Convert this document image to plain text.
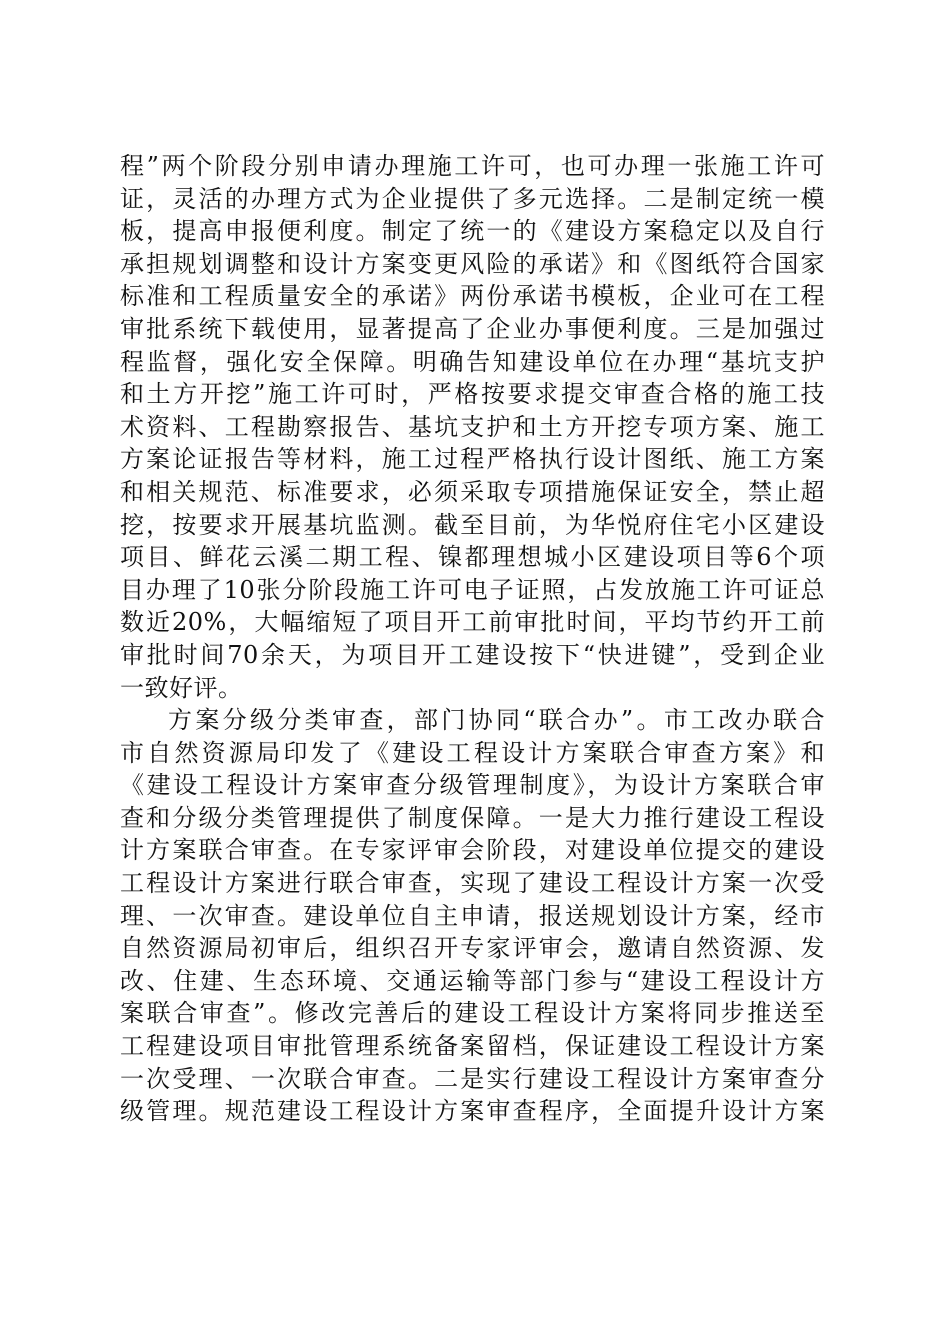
程”两个阶段分别申请办理施工许可，也可办理一张施工许可
证，灵活的办理方式为企业提供了多元选择。二是制定统一模
板，提高申报便利度。制定了统一的《建设方案稳定以及自行
承担规划调整和设计方案变更风险的承诺》和《图纸符合国家
标准和工程质量安全的承诺》两份承诺书模板，企业可在工程
审批系统下载使用，显著提高了企业办事便利度。三是加强过
程监督，强化安全保障。明确告知建设单位在办理“基坑支护
和土方开挖”施工许可时，严格按要求提交审查合格的施工技
术资料、工程勘察报告、基坑支护和土方开挖专项方案、施工
方案论证报告等材料，施工过程严格执行设计图纸、施工方案
和相关规范、标准要求，必须采取专项措施保证安全，禁止超
挖，按要求开展基坑监测。截至目前，为华悦府住宅小区建设
项目、鲜花云溪二期工程、镍都理想城小区建设项目等6个项
目办理了10张分阶段施工许可电子证照，占发放施工许可证总
数近20%，大幅缩短了项目开工前审批时间，平均节约开工前
审批时间70余天，为项目开工建设按下“快进键”，受到企业
一致好评。
方案分级分类审查，部门协同“联合办”。市工改办联合
市自然资源局印发了《建设工程设计方案联合审查方案》和
《建设工程设计方案审查分级管理制度》，为设计方案联合审
查和分级分类管理提供了制度保障。一是大力推行建设工程设
计方案联合审查。在专家评审会阶段，对建设单位提交的建设
工程设计方案进行联合审查，实现了建设工程设计方案一次受
理、一次审查。建设单位自主申请，报送规划设计方案，经市
自然资源局初审后，组织召开专家评审会，邀请自然资源、发
改、住建、生态环境、交通运输等部门参与“建设工程设计方
案联合审查”。修改完善后的建设工程设计方案将同步推送至
工程建设项目审批管理系统备案留档，保证建设工程设计方案
一次受理、一次联合审查。二是实行建设工程设计方案审查分
级管理。规范建设工程设计方案审查程序，全面提升设计方案
